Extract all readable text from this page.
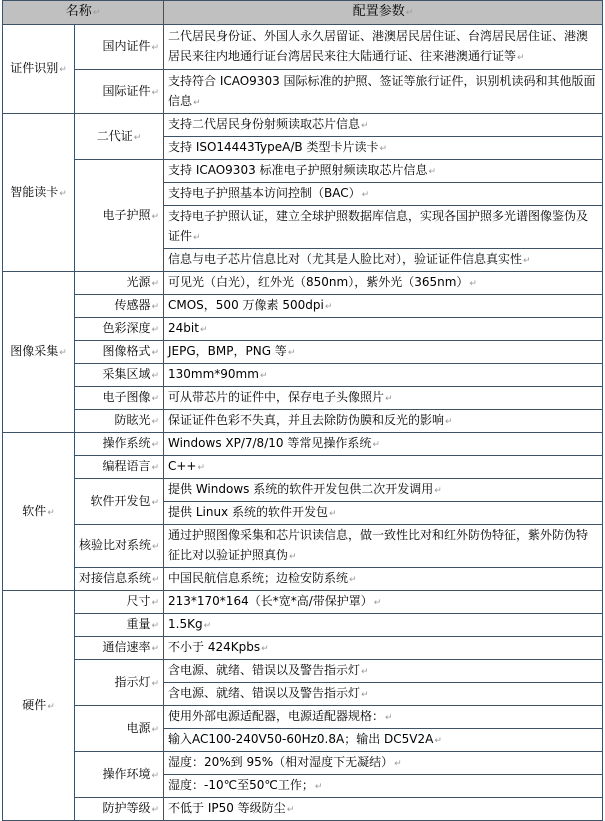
名称↵		配置参数↵
证件识别↵	国内证件↵	二代居民身份证、外国人永久居留证、港澳居民居住证、台湾居民居住证、港澳居民来往内地通行证台湾居民来往大陆通行证、往来港澳通行证等↵
	国际证件↵	支持符合 ICAO9303 国际标准的护照、签证等旅行证件，识别机读码和其他版面信息↵
智能读卡↵	二代证↵	支持二代居民身份射频读取芯片信息↵
		支持 ISO14443TypeA/B 类型卡片读卡↵
	电子护照↵	支持 ICAO9303 标准电子护照射频读取芯片信息↵
		支持电子护照基本访问控制（BAC）↵
		支持电子护照认证，建立全球护照数据库信息，实现各国护照多光谱图像鉴伪及证件↵
		信息与电子芯片信息比对（尤其是人脸比对），验证证件信息真实性↵
图像采集↵	光源↵	可见光（白光），红外光（850nm），紫外光（365nm）↵
	传感器↵	CMOS，500 万像素 500dpi↵
	色彩深度↵	24bit↵
	图像格式↵	JEPG，BMP，PNG 等↵
	采集区域↵	130mm*90mm↵
	电子图像↵	可从带芯片的证件中，保存电子头像照片↵
	防眩光↵	保证证件色彩不失真，并且去除防伪膜和反光的影响↵
软件↵	操作系统↵	Windows XP/7/8/10 等常见操作系统↵
	编程语言↵	C++↵
	软件开发包↵	提供 Windows 系统的软件开发包供二次开发调用↵
		提供 Linux 系统的软件开发包↵
	核验比对系统↵	通过护照图像采集和芯片识读信息，做一致性比对和红外防伪特征，紫外防伪特征比对以验证护照真伪↵
	对接信息系统↵	中国民航信息系统；边检安防系统↵
硬件↵	尺寸↵	213*170*164（长*宽*高/带保护罩）↵
	重量↵	1.5Kg↵
	通信速率↵	不小于 424Kpbs↵
	指示灯↵	含电源、就绪、错误以及警告指示灯↵
		含电源、就绪、错误以及警告指示灯↵
	电源↵	使用外部电源适配器，电源适配器规格：↵
		输入AC100-240V50-60Hz0.8A；输出 DC5V2A↵
	操作环境↵	湿度：20%到 95%（相对湿度下无凝结）↵
		湿度：-10℃至50℃工作；↵
	防护等级↵	不低于 IP50 等级防尘↵
